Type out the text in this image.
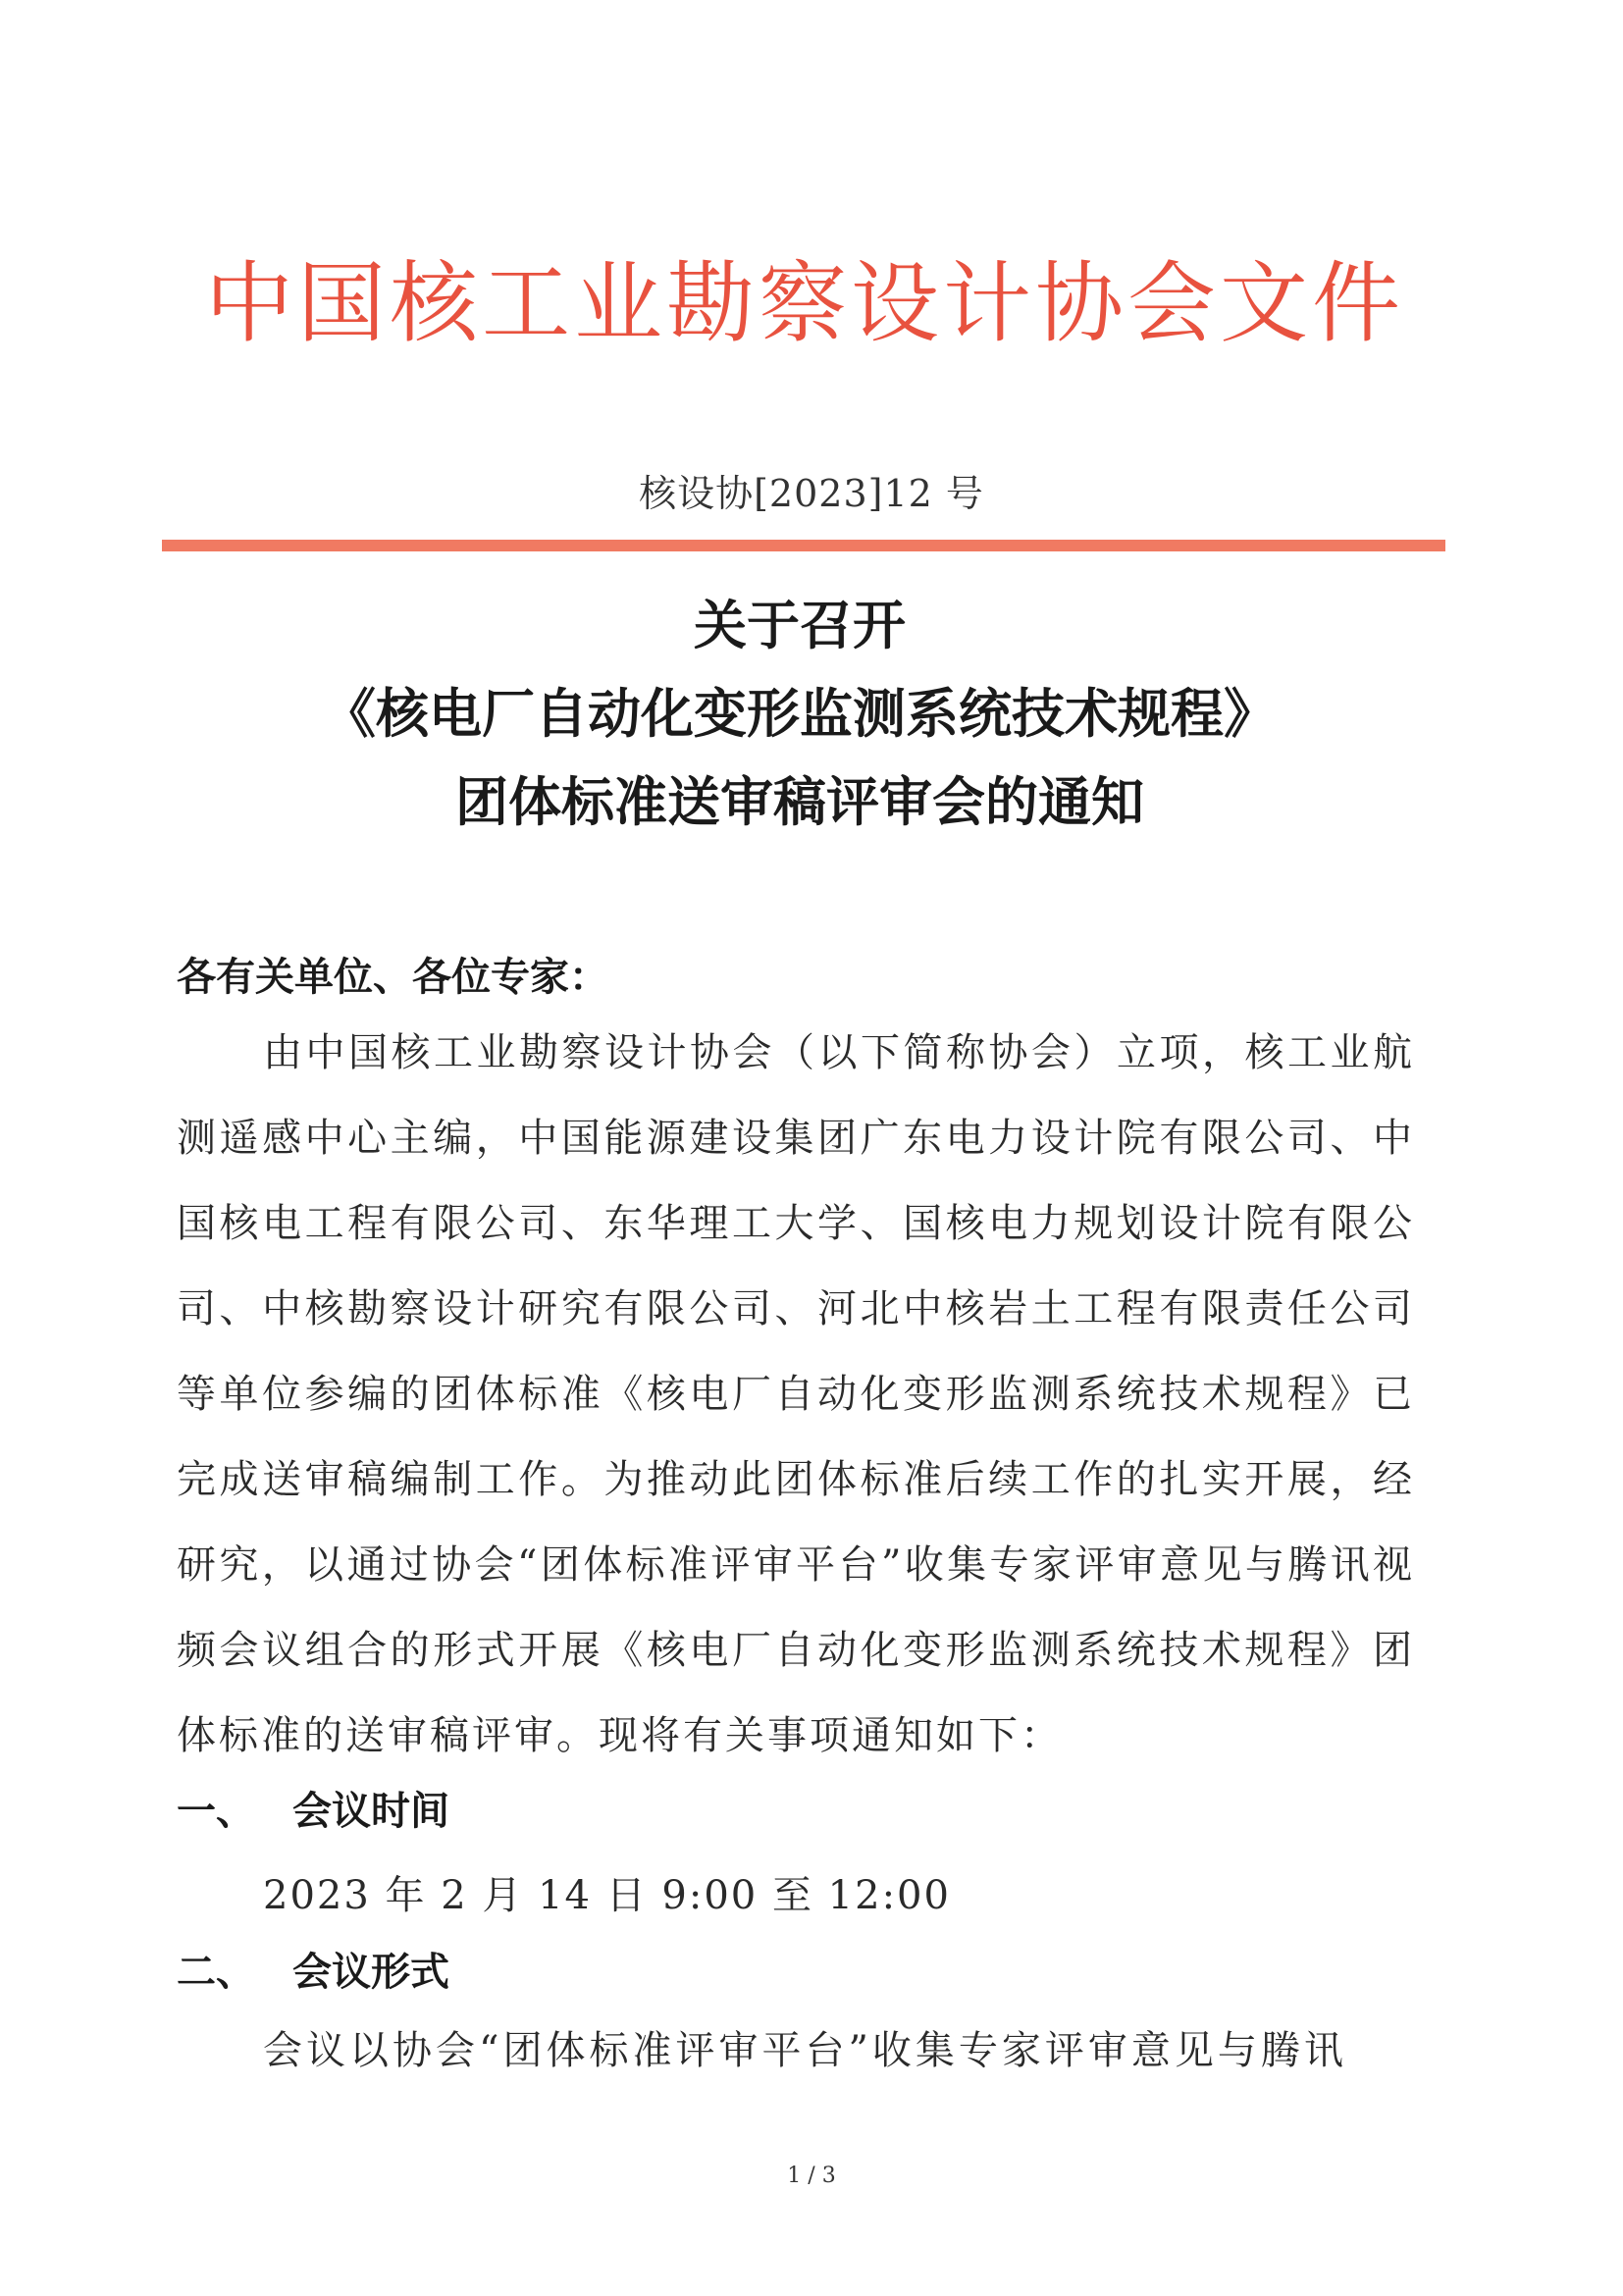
中国核工业勘察设计协会文件
核设协[2023]12 号
关于召开
《核电厂自动化变形监测系统技术规程》
团体标准送审稿评审会的通知
各有关单位、各位专家：
由中国核工业勘察设计协会（以下简称协会）立项，核工业航测遥感中心主编，中国能源建设集团广东电力设计院有限公司、中国核电工程有限公司、东华理工大学、国核电力规划设计院有限公司、中核勘察设计研究有限公司、河北中核岩土工程有限责任公司等单位参编的团体标准《核电厂自动化变形监测系统技术规程》已完成送审稿编制工作。为推动此团体标准后续工作的扎实开展，经研究，以通过协会“团体标准评审平台”收集专家评审意见与腾讯视频会议组合的形式开展《核电厂自动化变形监测系统技术规程》团体标准的送审稿评审。现将有关事项通知如下：
一、 会议时间
2023 年 2 月 14 日 9:00 至 12:00
二、 会议形式
会议以协会“团体标准评审平台”收集专家评审意见与腾讯
1 / 3
